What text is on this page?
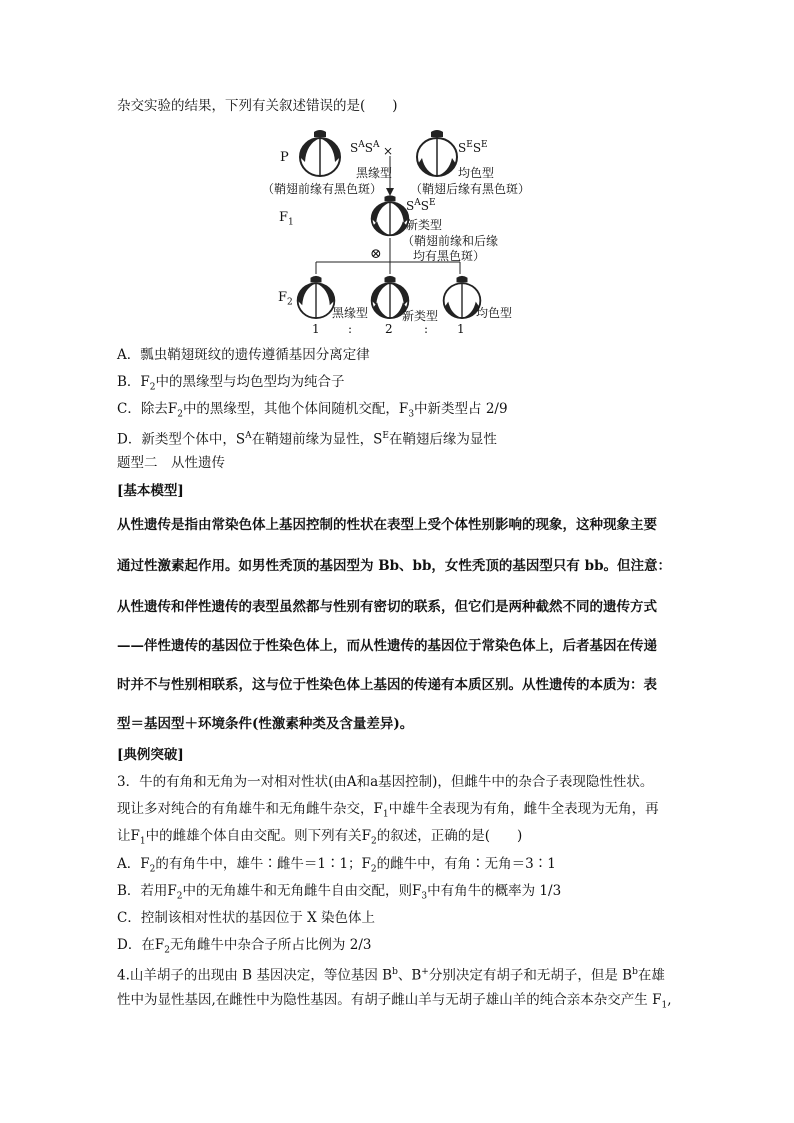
杂交实验的结果，下列有关叙述错误的是(　　)
P
$S^AS^A$
黑缘型
（鞘翅前缘有黑色斑）
×	$S^ES^E$
均色型
（鞘翅后缘有黑色斑）
$F_1$
$S^AS^E$
新类型
（鞘翅前缘和后缘
均有黑色斑）
⊗
$F_2$
黑缘型	新类型	均色型
1 :	2	: 1
A．瓢虫鞘翅斑纹的遗传遵循基因分离定律
B．$F_2$中的黑缘型与均色型均为纯合子
C．除去$F_2$中的黑缘型，其他个体间随机交配，$F_3$中新类型占 2/9
D．新类型个体中，$S^A$在鞘翅前缘为显性，$S^E$在鞘翅后缘为显性
题型二　从性遗传
[基本模型]
从性遗传是指由常染色体上基因控制的性状在表型上受个体性别影响的现象，这种现象主要
通过性激素起作用。如男性秃顶的基因型为 Bb、bb，女性秃顶的基因型只有 bb。但注意：
从性遗传和伴性遗传的表型虽然都与性别有密切的联系，但它们是两种截然不同的遗传方式
——伴性遗传的基因位于性染色体上，而从性遗传的基因位于常染色体上，后者基因在传递
时并不与性别相联系，这与位于性染色体上基因的传递有本质区别。从性遗传的本质为：表
型＝基因型＋环境条件(性激素种类及含量差异)。
[典例突破]
3．牛的有角和无角为一对相对性状(由A和a基因控制)，但雌牛中的杂合子表现隐性性状。
现让多对纯合的有角雄牛和无角雌牛杂交，$F_1$中雄牛全表现为有角，雌牛全表现为无角，再
让$F_1$中的雌雄个体自由交配。则下列有关$F_2$的叙述，正确的是(　　)
A．$F_2$的有角牛中，雄牛∶雌牛＝1∶1；$F_2$的雌牛中，有角∶无角＝3∶1
B．若用$F_2$中的无角雄牛和无角雌牛自由交配，则$F_3$中有角牛的概率为 1/3
C．控制该相对性状的基因位于 X 染色体上
D．在$F_2$无角雌牛中杂合子所占比例为 2/3
4.山羊胡子的出现由 B 基因决定，等位基因 $B^b$、B+分别决定有胡子和无胡子，但是 $B^b$在雄
性中为显性基因,在雌性中为隐性基因。有胡子雌山羊与无胡子雄山羊的纯合亲本杂交产生 $F_1$,
